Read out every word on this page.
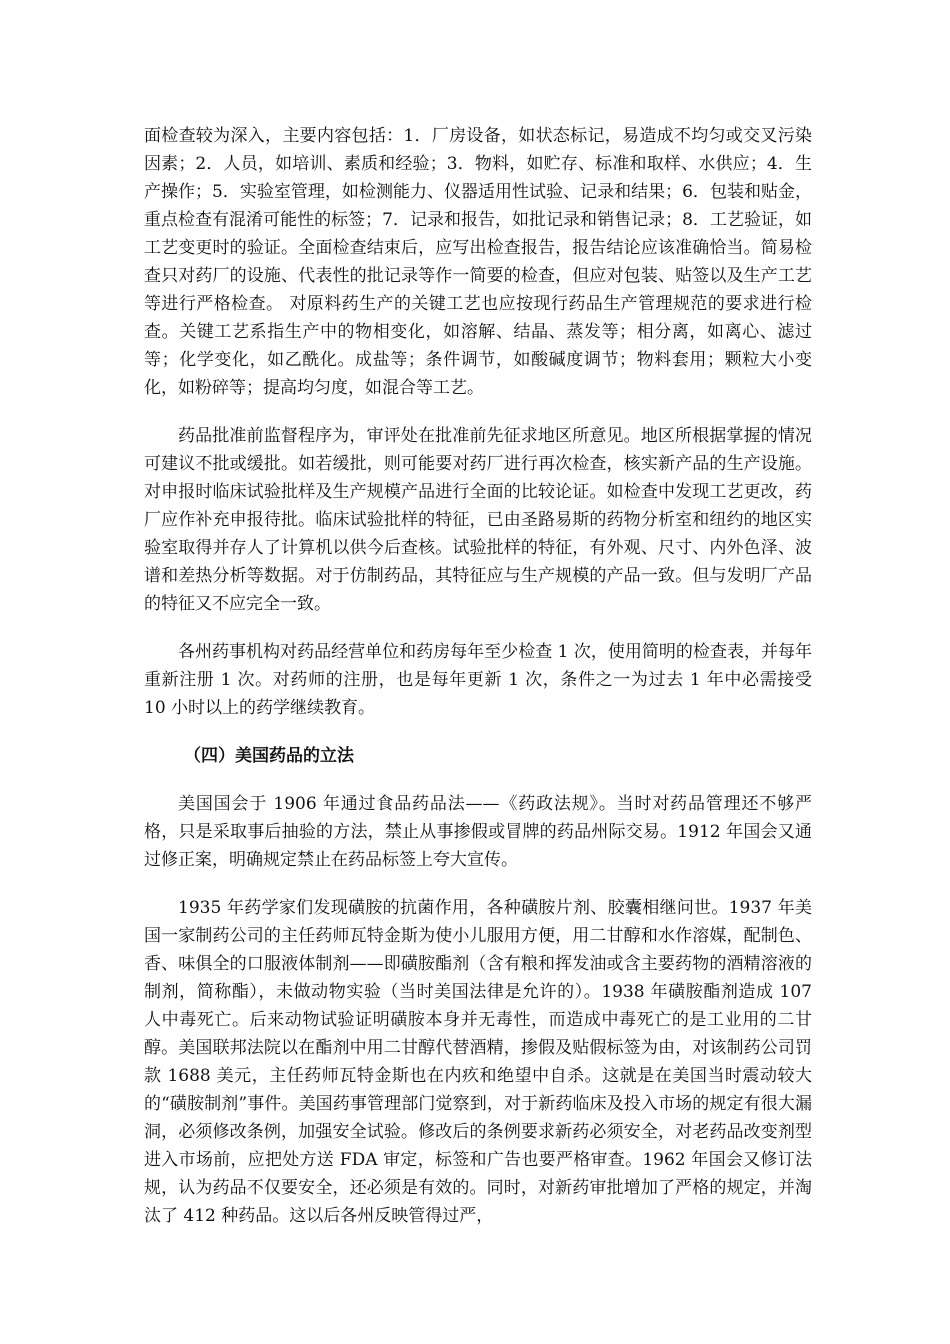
面检查较为深入，主要内容包括：1．厂房设备，如状态标记，易造成不均匀或交叉污染因素；2．人员，如培训、素质和经验；3．物料，如贮存、标准和取样、水供应；4．生产操作；5．实验室管理，如检测能力、仪器适用性试验、记录和结果；6．包装和贴金，重点检查有混淆可能性的标签；7．记录和报告，如批记录和销售记录；8．工艺验证，如工艺变更时的验证。全面检查结束后，应写出检查报告，报告结论应该准确恰当。简易检查只对药厂的设施、代表性的批记录等作一简要的检查，但应对包装、贴签以及生产工艺等进行严格检查。 对原料药生产的关键工艺也应按现行药品生产管理规范的要求进行检查。关键工艺系指生产中的物相变化，如溶解、结晶、蒸发等；相分离，如离心、滤过等；化学变化，如乙酰化。成盐等；条件调节，如酸碱度调节；物料套用；颗粒大小变化，如粉碎等；提高均匀度，如混合等工艺。

药品批准前监督程序为，审评处在批准前先征求地区所意见。地区所根据掌握的情况可建议不批或缓批。如若缓批，则可能要对药厂进行再次检查，核实新产品的生产设施。对申报时临床试验批样及生产规模产品进行全面的比较论证。如检查中发现工艺更改，药厂应作补充申报待批。临床试验批样的特征，已由圣路易斯的药物分析室和纽约的地区实验室取得并存人了计算机以供今后查核。试验批样的特征，有外观、尺寸、内外色泽、波谱和差热分析等数据。对于仿制药品，其特征应与生产规模的产品一致。但与发明厂产品的特征又不应完全一致。

各州药事机构对药品经营单位和药房每年至少检查 1 次，使用简明的检查表，并每年重新注册 1 次。对药师的注册，也是每年更新 1 次，条件之一为过去 1 年中必需接受 10 小时以上的药学继续教育。

（四）美国药品的立法

美国国会于 1906 年通过食品药品法——《药政法规》。当时对药品管理还不够严格，只是采取事后抽验的方法，禁止从事掺假或冒牌的药品州际交易。1912 年国会又通过修正案，明确规定禁止在药品标签上夸大宣传。

1935 年药学家们发现磺胺的抗菌作用，各种磺胺片剂、胶囊相继问世。1937 年美国一家制药公司的主任药师瓦特金斯为使小儿服用方便，用二甘醇和水作溶媒，配制色、香、味俱全的口服液体制剂——即磺胺酯剂（含有粮和挥发油或含主要药物的酒精溶液的制剂，简称酯），未做动物实验（当时美国法律是允许的）。1938 年磺胺酯剂造成 107 人中毒死亡。后来动物试验证明磺胺本身并无毒性，而造成中毒死亡的是工业用的二甘醇。美国联邦法院以在酯剂中用二甘醇代替酒精，掺假及贴假标签为由，对该制药公司罚款 1688 美元，主任药师瓦特金斯也在内疚和绝望中自杀。这就是在美国当时震动较大的“磺胺制剂”事件。美国药事管理部门觉察到，对于新药临床及投入市场的规定有很大漏洞，必须修改条例，加强安全试验。修改后的条例要求新药必须安全，对老药品改变剂型进入市场前，应把处方送 FDA 审定，标签和广告也要严格审查。1962 年国会又修订法规，认为药品不仅要安全，还必须是有效的。同时，对新药审批增加了严格的规定，并淘汰了 412 种药品。这以后各州反映管得过严，
